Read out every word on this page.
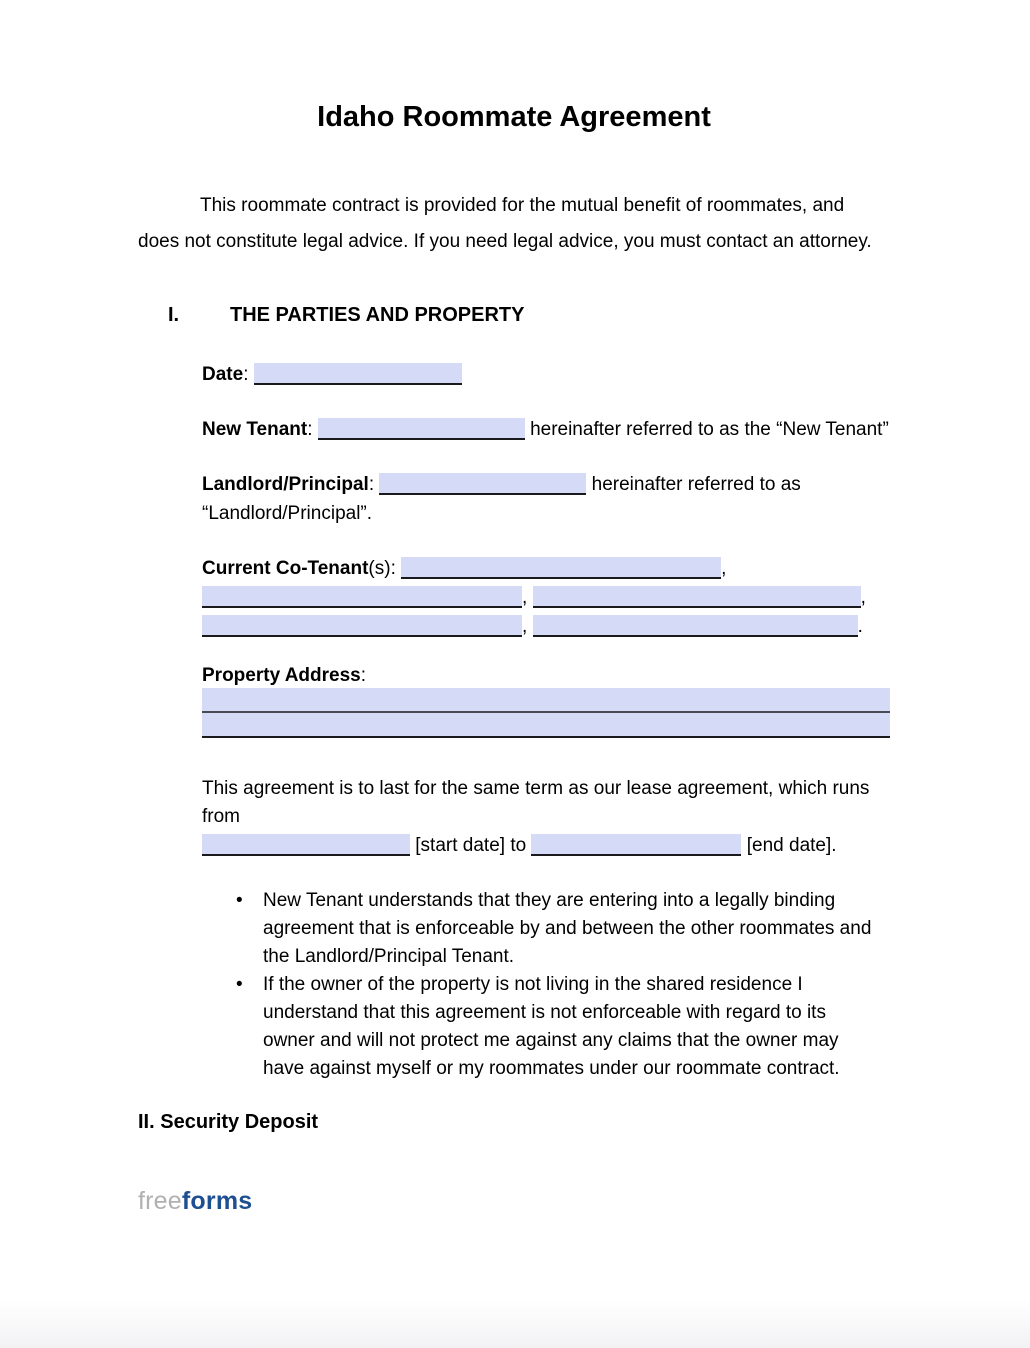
Idaho Roommate Agreement

This roommate contract is provided for the mutual benefit of roommates, and does not constitute legal advice. If you need legal advice, you must contact an attorney.

I.	THE PARTIES AND PROPERTY
Date:
New Tenant:	hereinafter referred to as the “New Tenant”
Landlord/Principal:	hereinafter referred to as “Landlord/Principal”.
Current Co-Tenant(s):	,
,	,
,	.
Property Address:
This agreement is to last for the same term as our lease agreement, which runs from
[start date] to	[end date].
• New Tenant understands that they are entering into a legally binding agreement that is enforceable by and between the other roommates and the Landlord/Principal Tenant.
• If the owner of the property is not living in the shared residence I understand that this agreement is not enforceable with regard to its owner and will not protect me against any claims that the owner may have against myself or my roommates under our roommate contract.
II. Security Deposit
freeforms
